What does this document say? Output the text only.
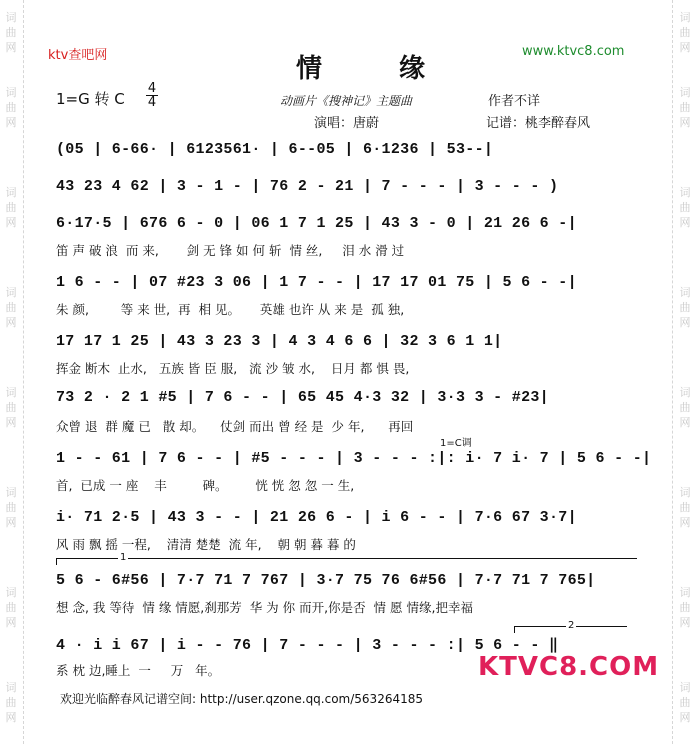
词
曲
网
词
曲
网
词
曲
网
词
曲
网
词
曲
网
词
曲
网
词
曲
网
词
曲
网
词
曲
网
词
曲
网
词
曲
网
词
曲
网
词
曲
网
词
曲
网
词
曲
网
词
曲
网
ktv查吧网	www.ktvc8.com
情 缘
1=G 转 C
4
4	动画片《搜神记》主题曲	作者不详
演唱：唐蔚	记谱：桃李醉春风
(05 | 6-66· | 6123561· | 6--05 | 6·1236 | 53--|
43 23 4 62 | 3 - 1 - | 76 2 - 21 | 7 - - - | 3 - - - )
6·17·5 | 676 6 - 0 | 06 1 7 1 25 | 43 3 - 0 | 21 26 6 -|
笛 声 破 浪  而 来,       剑 无 锋 如 何 斩  情 丝,     泪 水 滑 过
1 6 - - | 07 #23 3 06 | 1 7 - - | 17 17 01 75 | 5 6 - -|
朱 颜,        等 来 世,  再  相 见。     英雄 也许 从 来 是  孤 独,
17 17 1 25 | 43 3 23 3 | 4 3 4 6 6 | 32 3 6 1 1|
挥金 断木  止水,   五族 皆 臣 服,   流 沙 皱 水,    日月 都 惧 畏,
73 2 · 2 1 #5 | 7 6 - - | 65 45 4·3 32 | 3·3 3 - #23|
众曾 退  群 魔 已   散 却。    仗剑 而出 曾 经 是  少 年,      再回
1=C调
1 - - 61 | 7 6 - - | #5 - - - | 3 - - - :|: i· 7 i· 7 | 5 6 - -|
首,  已成 一 座    丰         碑。       恍 恍 忽 忽 一 生,
i· 71 2·5 | 43 3 - - | 21 26 6 - | i 6 - - | 7·6 67 3·7|
风 雨 飘 摇 一程,    清清 楚楚  流 年,    朝 朝 暮 暮 的
1
5 6 - 6#56 | 7·7 71 7 767 | 3·7 75 76 6#56 | 7·7 71 7 765|
想 念, 我 等待  情 缘 情愿,刹那芳  华 为 你 而开,你是否  情 愿 情缘,把幸福
2
4 · i i 67 | i - - 76 | 7 - - - | 3 - - - :| 5 6 - - ‖
系 枕 边,睡上  一     万   年。	KTVC8.COM
欢迎光临醉春风记谱空间: http://user.qzone.qq.com/563264185
